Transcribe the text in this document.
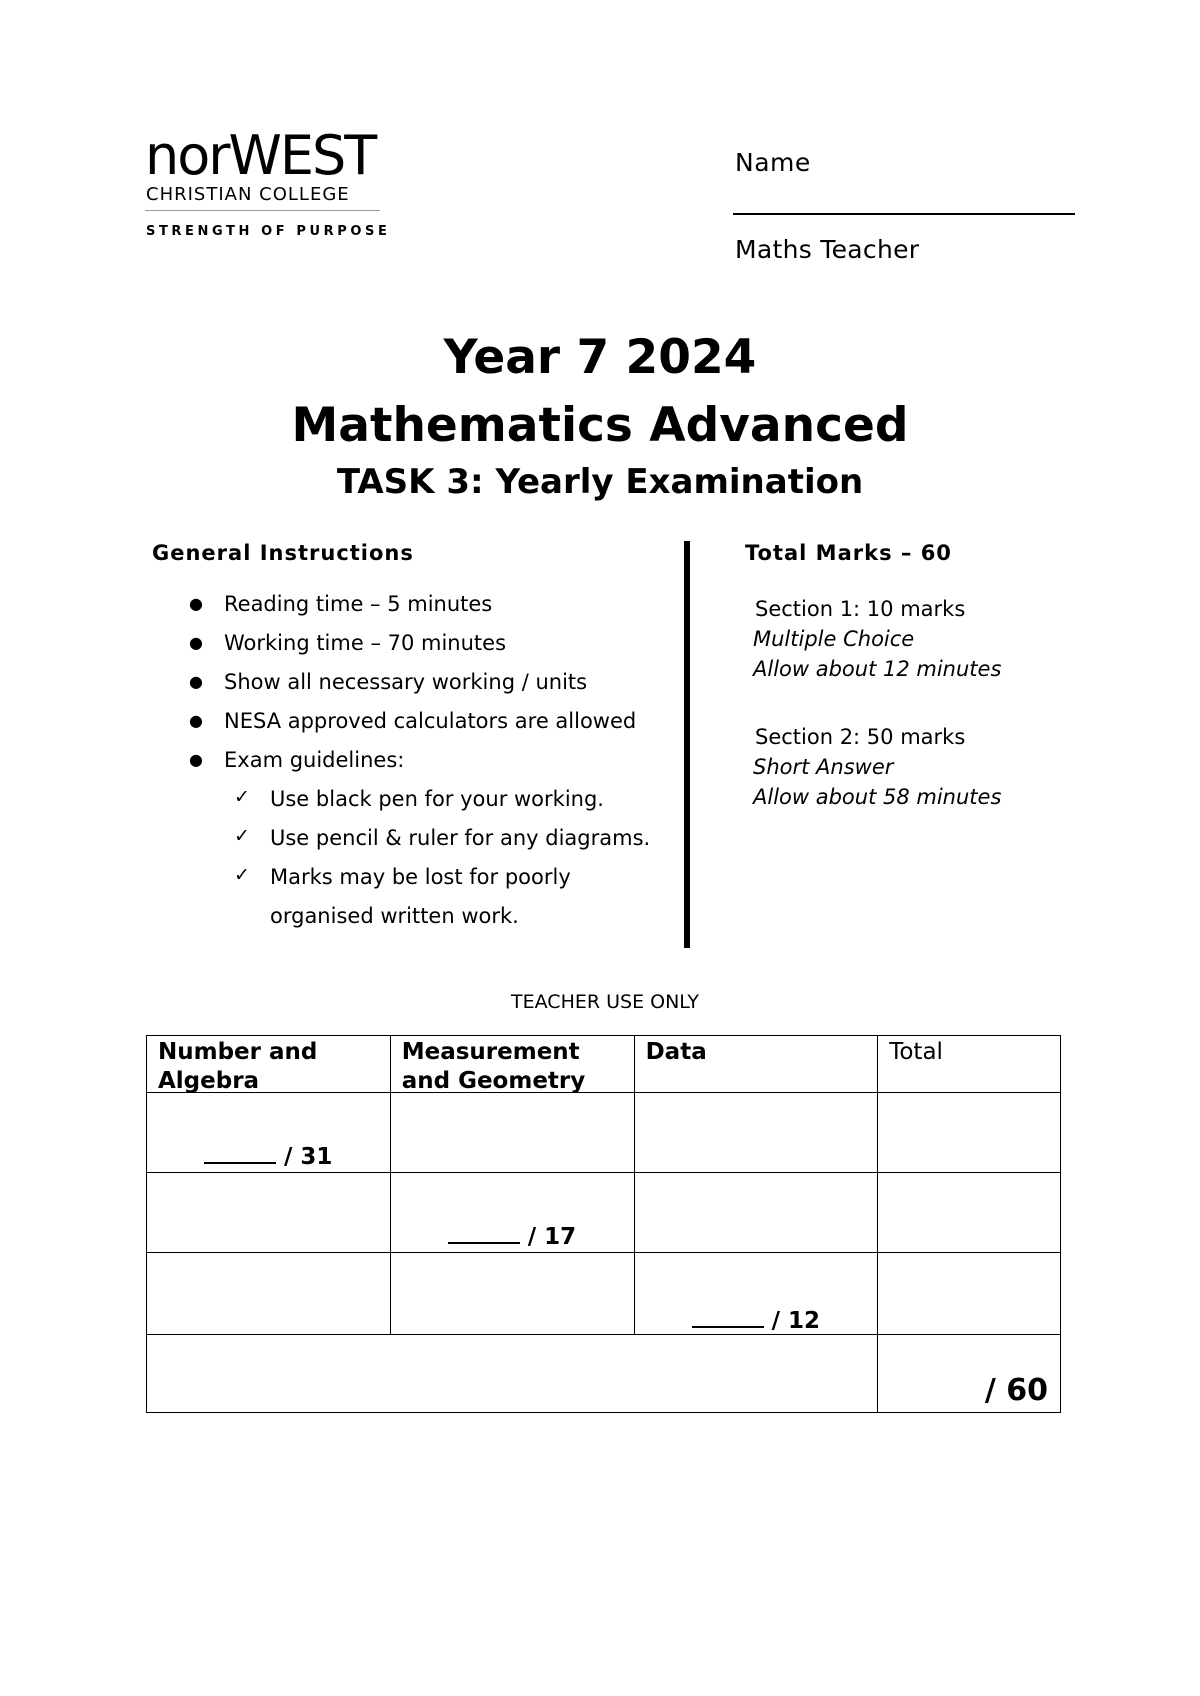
norWEST
CHRISTIAN COLLEGE
STRENGTH OF PURPOSE
Name
Maths Teacher
Year 7 2024
Mathematics Advanced
TASK 3: Yearly Examination
General Instructions
● Reading time – 5 minutes
● Working time – 70 minutes
● Show all necessary working / units
● NESA approved calculators are allowed
● Exam guidelines:
✓ Use black pen for your working.
✓ Use pencil & ruler for any diagrams.
✓ Marks may be lost for poorly
organised written work.
Total Marks – 60
Section 1: 10 marks
Multiple Choice
Allow about 12 minutes
Section 2: 50 marks
Short Answer
Allow about 58 minutes
TEACHER USE ONLY
Number and Algebra	Measurement and Geometry	Data	Total

/ 31			

	/ 17		

		/ 12	

			/ 60
